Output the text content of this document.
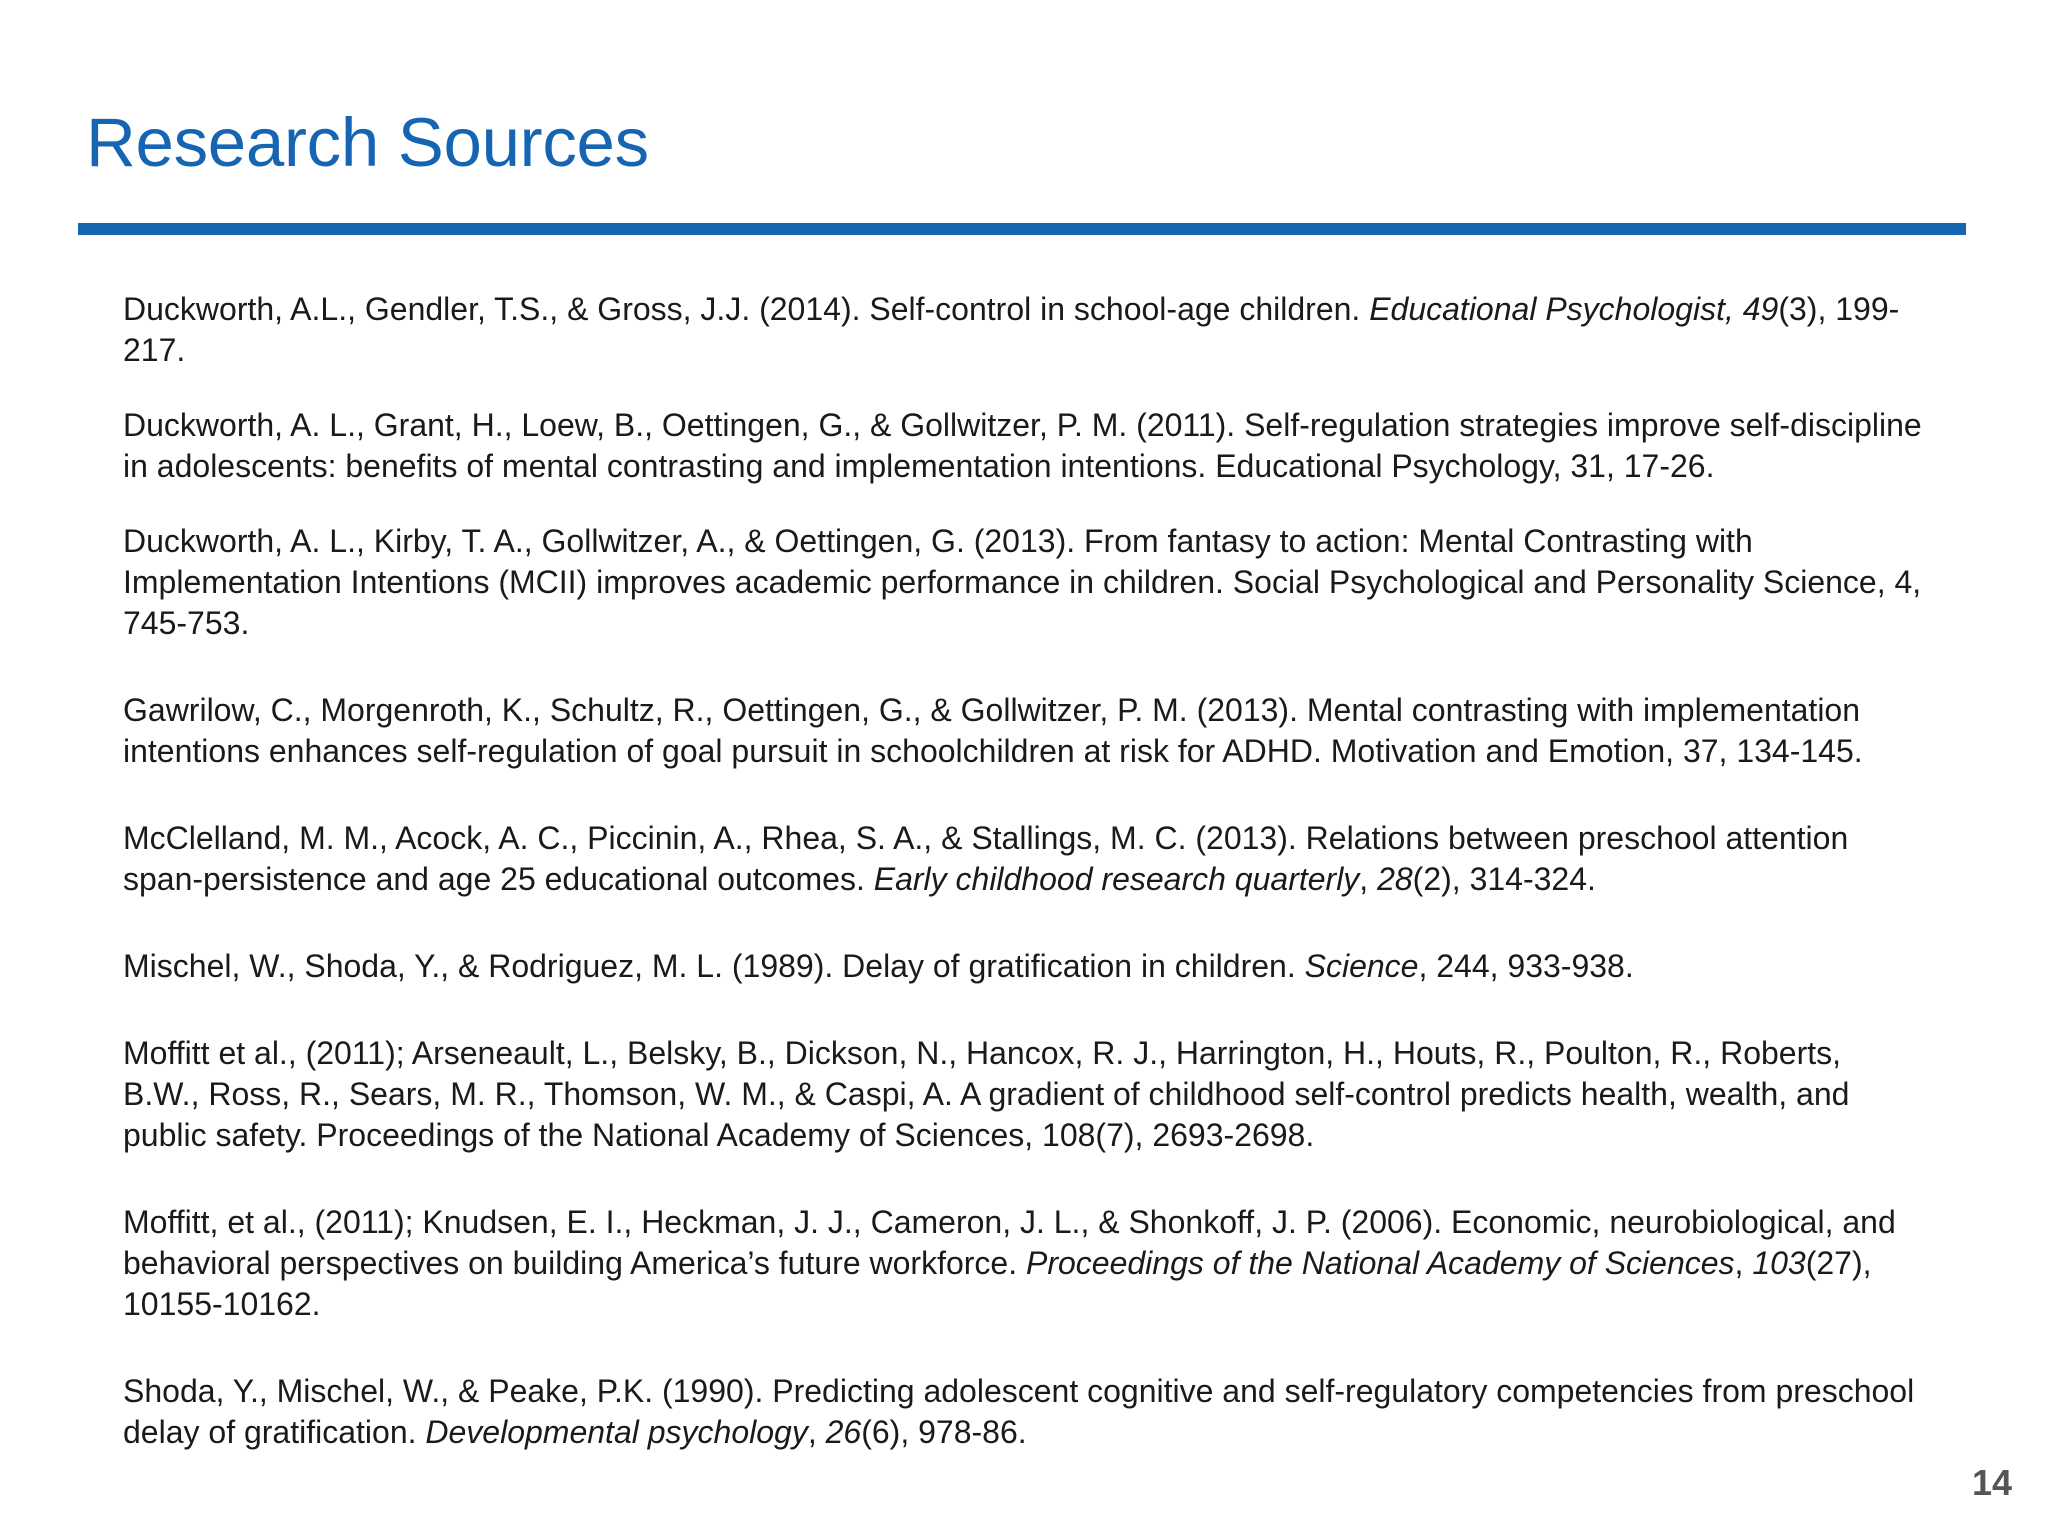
Research Sources

Duckworth, A.L., Gendler, T.S., & Gross, J.J. (2014). Self-control in school-age children. Educational Psychologist, 49(3), 199-217.

Duckworth, A. L., Grant, H., Loew, B., Oettingen, G., & Gollwitzer, P. M. (2011). Self-regulation strategies improve self-discipline in adolescents: benefits of mental contrasting and implementation intentions. Educational Psychology, 31, 17-26.

Duckworth, A. L., Kirby, T. A., Gollwitzer, A., & Oettingen, G. (2013). From fantasy to action: Mental Contrasting with Implementation Intentions (MCII) improves academic performance in children. Social Psychological and Personality Science, 4, 745-753.

Gawrilow, C., Morgenroth, K., Schultz, R., Oettingen, G., & Gollwitzer, P. M. (2013). Mental contrasting with implementation intentions enhances self-regulation of goal pursuit in schoolchildren at risk for ADHD. Motivation and Emotion, 37, 134-145.

McClelland, M. M., Acock, A. C., Piccinin, A., Rhea, S. A., & Stallings, M. C. (2013). Relations between preschool attention span-persistence and age 25 educational outcomes. Early childhood research quarterly, 28(2), 314-324.

Mischel, W., Shoda, Y., & Rodriguez, M. L. (1989). Delay of gratification in children. Science, 244, 933-938.

Moffitt et al., (2011); Arseneault, L., Belsky, B., Dickson, N., Hancox, R. J., Harrington, H., Houts, R., Poulton, R., Roberts, B.W., Ross, R., Sears, M. R., Thomson, W. M., & Caspi, A. A gradient of childhood self-control predicts health, wealth, and public safety. Proceedings of the National Academy of Sciences, 108(7), 2693-2698.

Moffitt, et al., (2011); Knudsen, E. I., Heckman, J. J., Cameron, J. L., & Shonkoff, J. P. (2006). Economic, neurobiological, and behavioral perspectives on building America’s future workforce. Proceedings of the National Academy of Sciences, 103(27), 10155-10162.

Shoda, Y., Mischel, W., & Peake, P.K. (1990). Predicting adolescent cognitive and self-regulatory competencies from preschool delay of gratification. Developmental psychology, 26(6), 978-86.

14
